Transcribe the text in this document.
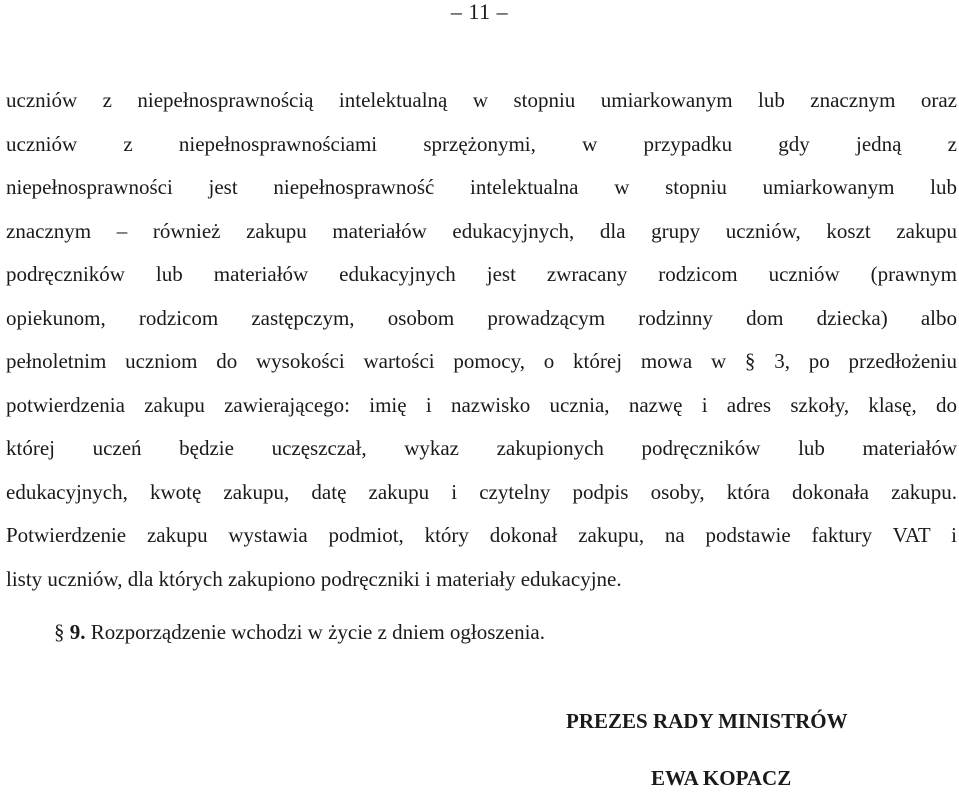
– 11 –
uczniów z niepełnosprawnością intelektualną w stopniu umiarkowanym lub znacznym oraz
uczniów z niepełnosprawnościami sprzężonymi, w przypadku gdy jedną z
niepełnosprawności jest niepełnosprawność intelektualna w stopniu umiarkowanym lub
znacznym – również zakupu materiałów edukacyjnych, dla grupy uczniów, koszt zakupu
podręczników lub materiałów edukacyjnych jest zwracany rodzicom uczniów (prawnym
opiekunom, rodzicom zastępczym, osobom prowadzącym rodzinny dom dziecka) albo
pełnoletnim uczniom do wysokości wartości pomocy, o której mowa w § 3, po przedłożeniu
potwierdzenia zakupu zawierającego: imię i nazwisko ucznia, nazwę i adres szkoły, klasę, do
której uczeń będzie uczęszczał, wykaz zakupionych podręczników lub materiałów
edukacyjnych, kwotę zakupu, datę zakupu i czytelny podpis osoby, która dokonała zakupu.
Potwierdzenie zakupu wystawia podmiot, który dokonał zakupu, na podstawie faktury VAT i
listy uczniów, dla których zakupiono podręczniki i materiały edukacyjne.
§ 9. Rozporządzenie wchodzi w życie z dniem ogłoszenia.
PREZES RADY MINISTRÓW
EWA KOPACZ
